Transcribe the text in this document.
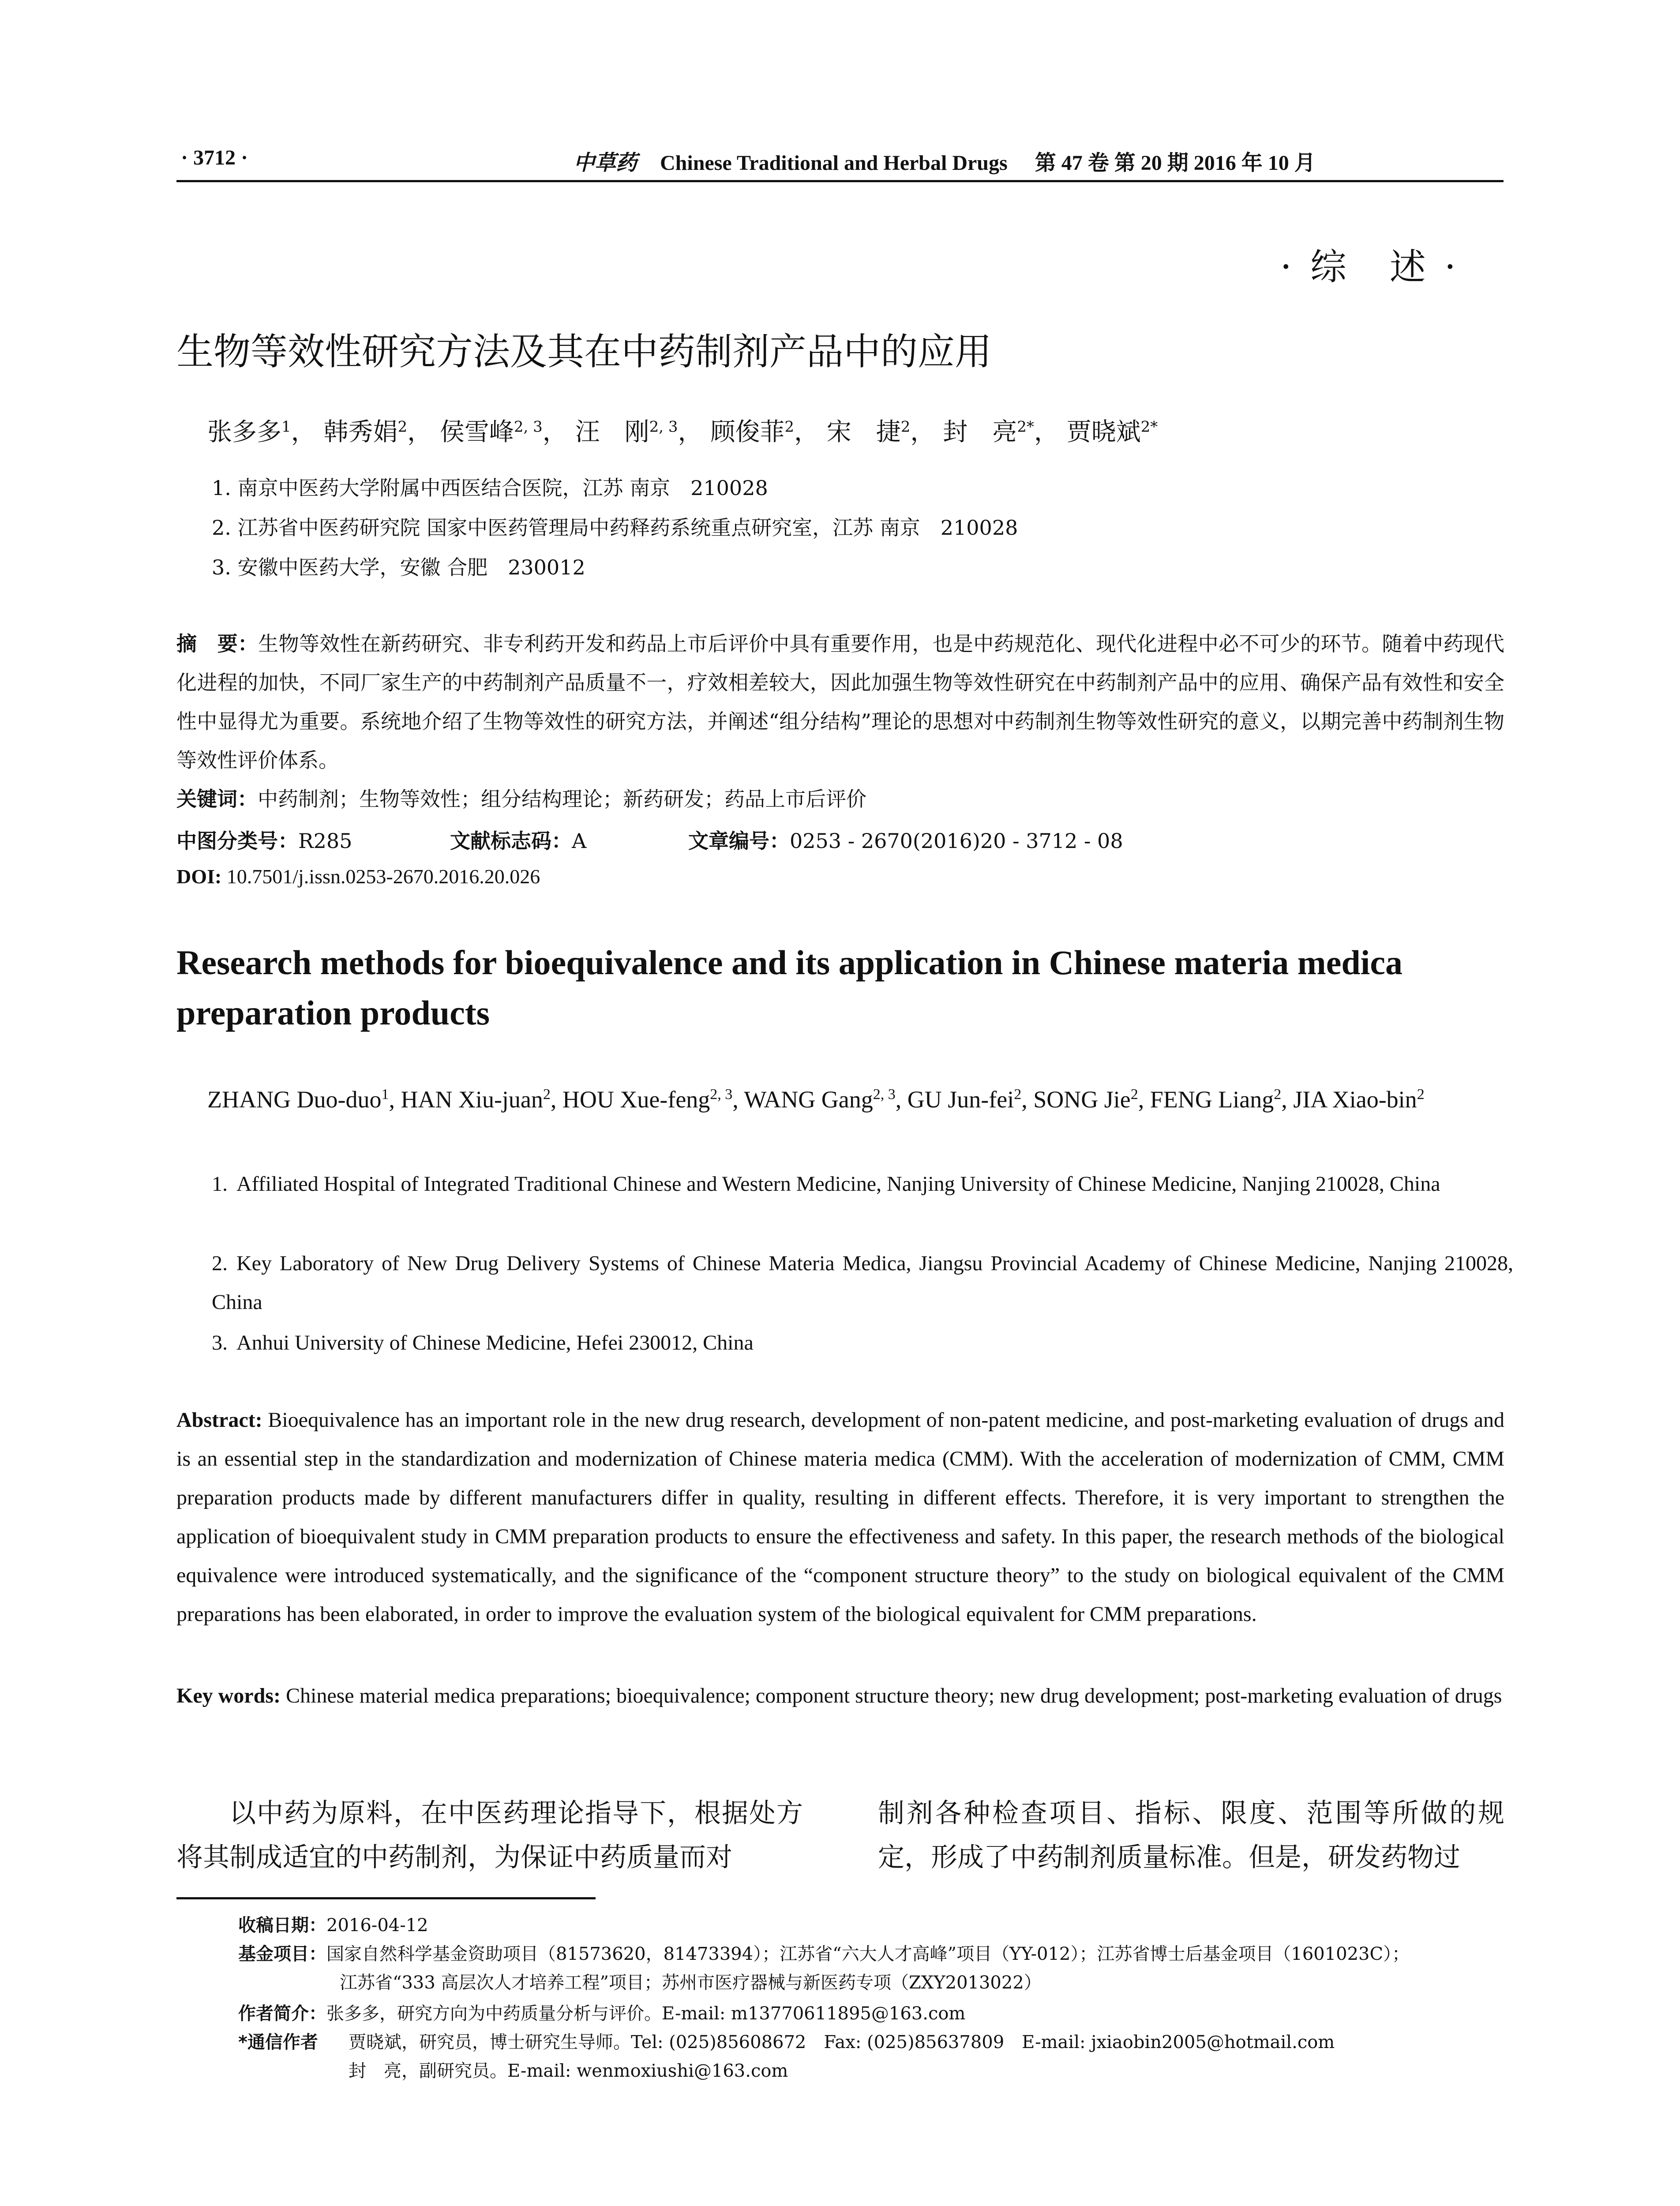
· 3712 ·	中草药 Chinese Traditional and Herbal Drugs 第 47 卷 第 20 期 2016 年 10 月
· 综　述 ·
生物等效性研究方法及其在中药制剂产品中的应用
张多多$^1$， 韩秀娟$^2$， 侯雪峰$^{2, 3}$， 汪　刚$^{2, 3}$， 顾俊菲$^2$， 宋　捷$^2$， 封　亮$^{2*}$， 贾晓斌$^{2*}$
1. 南京中医药大学附属中西医结合医院，江苏 南京　210028
2. 江苏省中医药研究院 国家中医药管理局中药释药系统重点研究室，江苏 南京　210028
3. 安徽中医药大学，安徽 合肥　230012
摘　要：生物等效性在新药研究、非专利药开发和药品上市后评价中具有重要作用，也是中药规范化、现代化进程中必不可少的环节。随着中药现代化进程的加快，不同厂家生产的中药制剂产品质量不一，疗效相差较大，因此加强生物等效性研究在中药制剂产品中的应用、确保产品有效性和安全性中显得尤为重要。系统地介绍了生物等效性的研究方法，并阐述“组分结构”理论的思想对中药制剂生物等效性研究的意义，以期完善中药制剂生物等效性评价体系。
关键词：中药制剂；生物等效性；组分结构理论；新药研发；药品上市后评价
中图分类号：R285	文献标志码：A	文章编号：0253 - 2670(2016)20 - 3712 - 08
DOI: 10.7501/j.issn.0253-2670.2016.20.026
Research methods for bioequivalence and its application in Chinese materia medica preparation products
ZHANG Duo-duo$^1$, HAN Xiu-juan$^2$, HOU Xue-feng$^{2, 3}$, WANG Gang$^{2, 3}$, GU Jun-fei$^2$, SONG Jie$^2$, FENG Liang$^2$, JIA Xiao-bin$^2$
1. Affiliated Hospital of Integrated Traditional Chinese and Western Medicine, Nanjing University of Chinese Medicine, Nanjing 210028, China
2. Key Laboratory of New Drug Delivery Systems of Chinese Materia Medica, Jiangsu Provincial Academy of Chinese Medicine, Nanjing 210028, China
3. Anhui University of Chinese Medicine, Hefei 230012, China
Abstract: Bioequivalence has an important role in the new drug research, development of non-patent medicine, and post-marketing evaluation of drugs and is an essential step in the standardization and modernization of Chinese materia medica (CMM). With the acceleration of modernization of CMM, CMM preparation products made by different manufacturers differ in quality, resulting in different effects. Therefore, it is very important to strengthen the application of bioequivalent study in CMM preparation products to ensure the effectiveness and safety. In this paper, the research methods of the biological equivalence were introduced systematically, and the significance of the “component structure theory” to the study on biological equivalent of the CMM preparations has been elaborated, in order to improve the evaluation system of the biological equivalent for CMM preparations.
Key words: Chinese material medica preparations; bioequivalence; component structure theory; new drug development; post-marketing evaluation of drugs
以中药为原料，在中医药理论指导下，根据处方将其制成适宜的中药制剂，为保证中药质量而对
制剂各种检查项目、指标、限度、范围等所做的规定，形成了中药制剂质量标准。但是，研发药物过
收稿日期：2016-04-12
基金项目：国家自然科学基金资助项目（81573620，81473394）；江苏省“六大人才高峰”项目（YY-012）；江苏省博士后基金项目（1601023C）；
江苏省“333 高层次人才培养工程”项目；苏州市医疗器械与新医药专项（ZXY2013022）
作者简介：张多多，研究方向为中药质量分析与评价。E-mail: m13770611895@163.com
*通信作者 贾晓斌，研究员，博士研究生导师。Tel: (025)85608672　Fax: (025)85637809　E-mail: jxiaobin2005@hotmail.com
封　亮，副研究员。E-mail: wenmoxiushi@163.com
